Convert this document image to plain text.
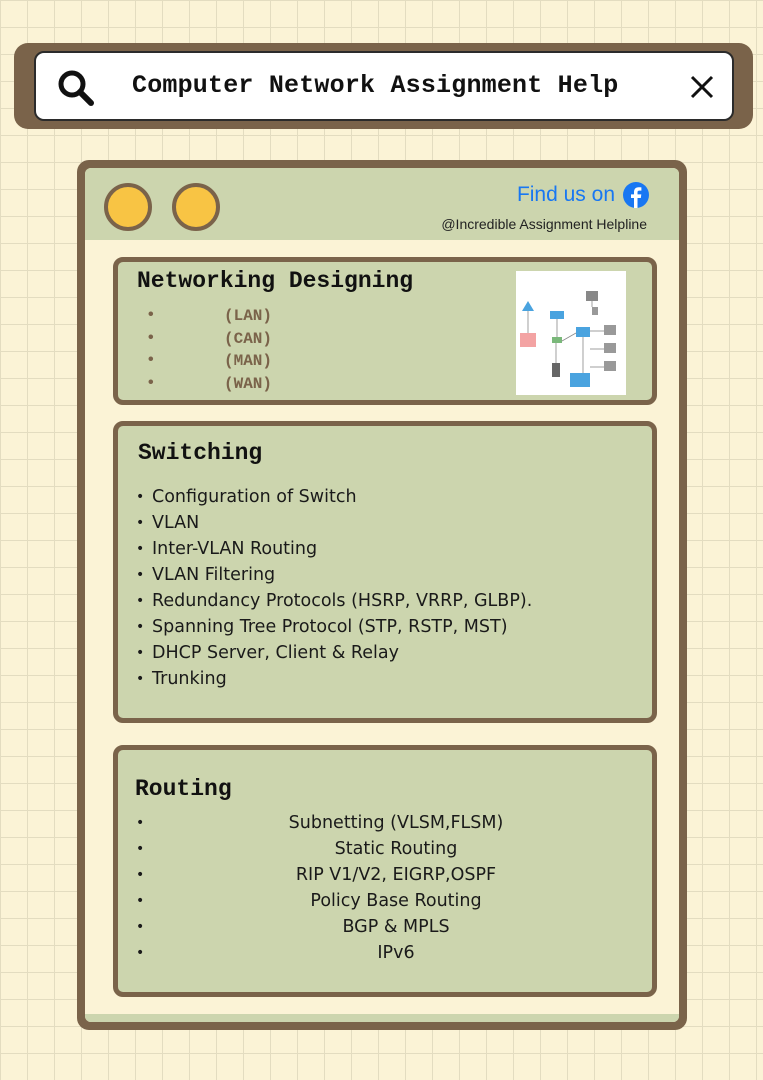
Computer Network Assignment Help
Find us on
@Incredible Assignment Helpline
Networking Designing
•	(LAN)
•	(CAN)
•	(MAN)
•	(WAN)
Switching
• Configuration of Switch
• VLAN
• Inter-VLAN Routing
• VLAN Filtering
• Redundancy Protocols (HSRP, VRRP, GLBP).
• Spanning Tree Protocol (STP, RSTP, MST)
• DHCP Server, Client & Relay
• Trunking
Routing
•	Subnetting (VLSM,FLSM)
•	Static Routing
•	RIP V1/V2, EIGRP,OSPF
•	Policy Base Routing
•	BGP & MPLS
•	IPv6
